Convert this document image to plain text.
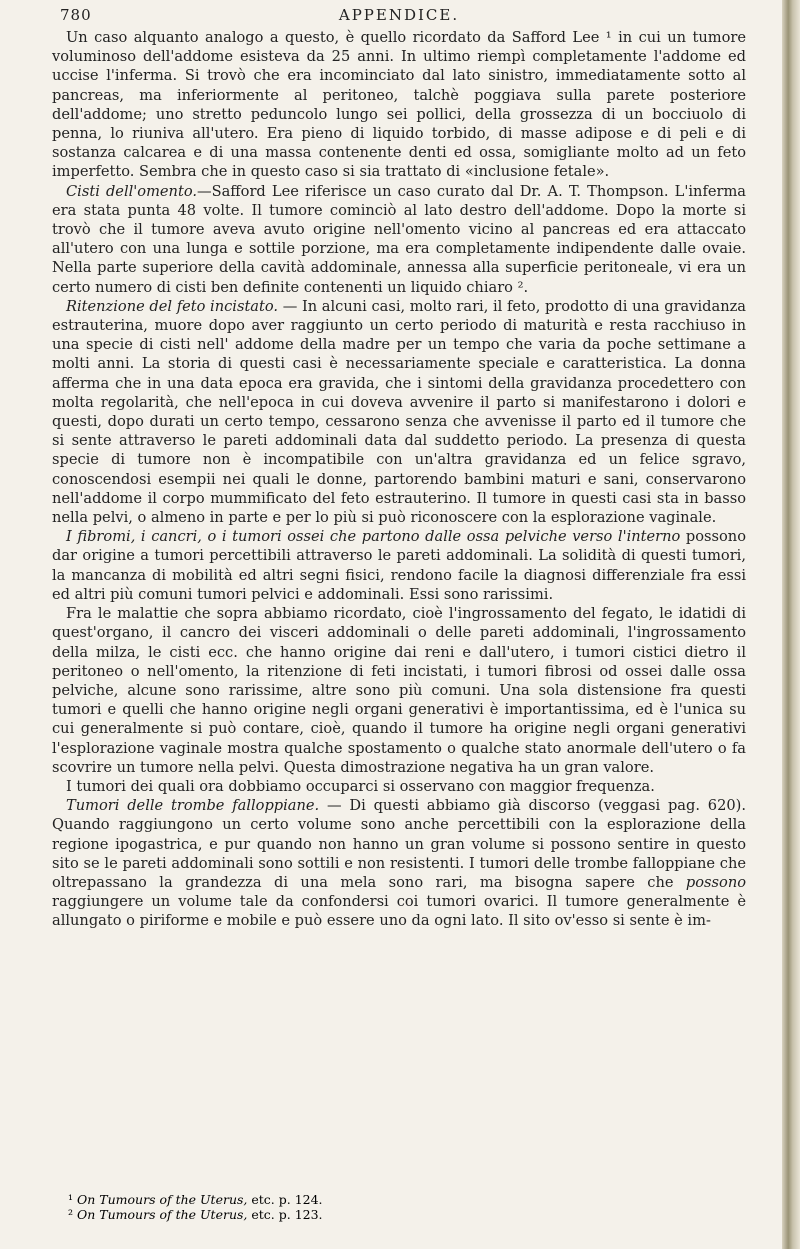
780	APPENDICE.

Un caso alquanto analogo a questo, è quello ricordato da Safford Lee ¹ in cui un tumore voluminoso dell'addome esisteva da 25 anni. In ultimo riempì completamente l'addome ed uccise l'inferma. Si trovò che era incominciato dal lato sinistro, immediatamente sotto al pancreas, ma inferiormente al peritoneo, talchè poggiava sulla parete posteriore dell'addome; uno stretto peduncolo lungo sei pollici, della grossezza di un bocciuolo di penna, lo riuniva all'utero. Era pieno di liquido torbido, di masse adipose e di peli e di sostanza calcarea e di una massa contenente denti ed ossa, somigliante molto ad un feto imperfetto. Sembra che in questo caso si sia trattato di «inclusione fetale».

Cisti dell'omento.—Safford Lee riferisce un caso curato dal Dr. A. T. Thompson. L'inferma era stata punta 48 volte. Il tumore cominciò al lato destro dell'addome. Dopo la morte si trovò che il tumore aveva avuto origine nell'omento vicino al pancreas ed era attaccato all'utero con una lunga e sottile porzione, ma era completamente indipendente dalle ovaie. Nella parte superiore della cavità addominale, annessa alla superficie peritoneale, vi era un certo numero di cisti ben definite contenenti un liquido chiaro ².

Ritenzione del feto incistato. — In alcuni casi, molto rari, il feto, prodotto di una gravidanza estrauterina, muore dopo aver raggiunto un certo periodo di maturità e resta racchiuso in una specie di cisti nell' addome della madre per un tempo che varia da poche settimane a molti anni. La storia di questi casi è necessariamente speciale e caratteristica. La donna afferma che in una data epoca era gravida, che i sintomi della gravidanza procedettero con molta regolarità, che nell'epoca in cui doveva avvenire il parto si manifestarono i dolori e questi, dopo durati un certo tempo, cessarono senza che avvenisse il parto ed il tumore che si sente attraverso le pareti addominali data dal suddetto periodo. La presenza di questa specie di tumore non è incompatibile con un'altra gravidanza ed un felice sgravo, conoscendosi esempii nei quali le donne, partorendo bambini maturi e sani, conservarono nell'addome il corpo mummificato del feto estrauterino. Il tumore in questi casi sta in basso nella pelvi, o almeno in parte e per lo più si può riconoscere con la esplorazione vaginale.

I fibromi, i cancri, o i tumori ossei che partono dalle ossa pelviche verso l'interno possono dar origine a tumori percettibili attraverso le pareti addominali. La solidità di questi tumori, la mancanza di mobilità ed altri segni fisici, rendono facile la diagnosi differenziale fra essi ed altri più comuni tumori pelvici e addominali. Essi sono rarissimi.

Fra le malattie che sopra abbiamo ricordato, cioè l'ingrossamento del fegato, le idatidi di quest'organo, il cancro dei visceri addominali o delle pareti addominali, l'ingrossamento della milza, le cisti ecc. che hanno origine dai reni e dall'utero, i tumori cistici dietro il peritoneo o nell'omento, la ritenzione di feti incistati, i tumori fibrosi od ossei dalle ossa pelviche, alcune sono rarissime, altre sono più comuni. Una sola distensione fra questi tumori e quelli che hanno origine negli organi generativi è importantissima, ed è l'unica su cui generalmente si può contare, cioè, quando il tumore ha origine negli organi generativi l'esplorazione vaginale mostra qualche spostamento o qualche stato anormale dell'utero o fa scovrire un tumore nella pelvi. Questa dimostrazione negativa ha un gran valore.

I tumori dei quali ora dobbiamo occuparci si osservano con maggior frequenza.

Tumori delle trombe falloppiane. — Di questi abbiamo già discorso (veggasi pag. 620). Quando raggiungono un certo volume sono anche percettibili con la esplorazione della regione ipogastrica, e pur quando non hanno un gran volume si possono sentire in questo sito se le pareti addominali sono sottili e non resistenti. I tumori delle trombe falloppiane che oltrepassano la grandezza di una mela sono rari, ma bisogna sapere che possono raggiungere un volume tale da confondersi coi tumori ovarici. Il tumore generalmente è allungato o piriforme e mobile e può essere uno da ogni lato. Il sito ov'esso si sente è im-

¹ On Tumours of the Uterus, etc. p. 124.
² On Tumours of the Uterus, etc. p. 123.
